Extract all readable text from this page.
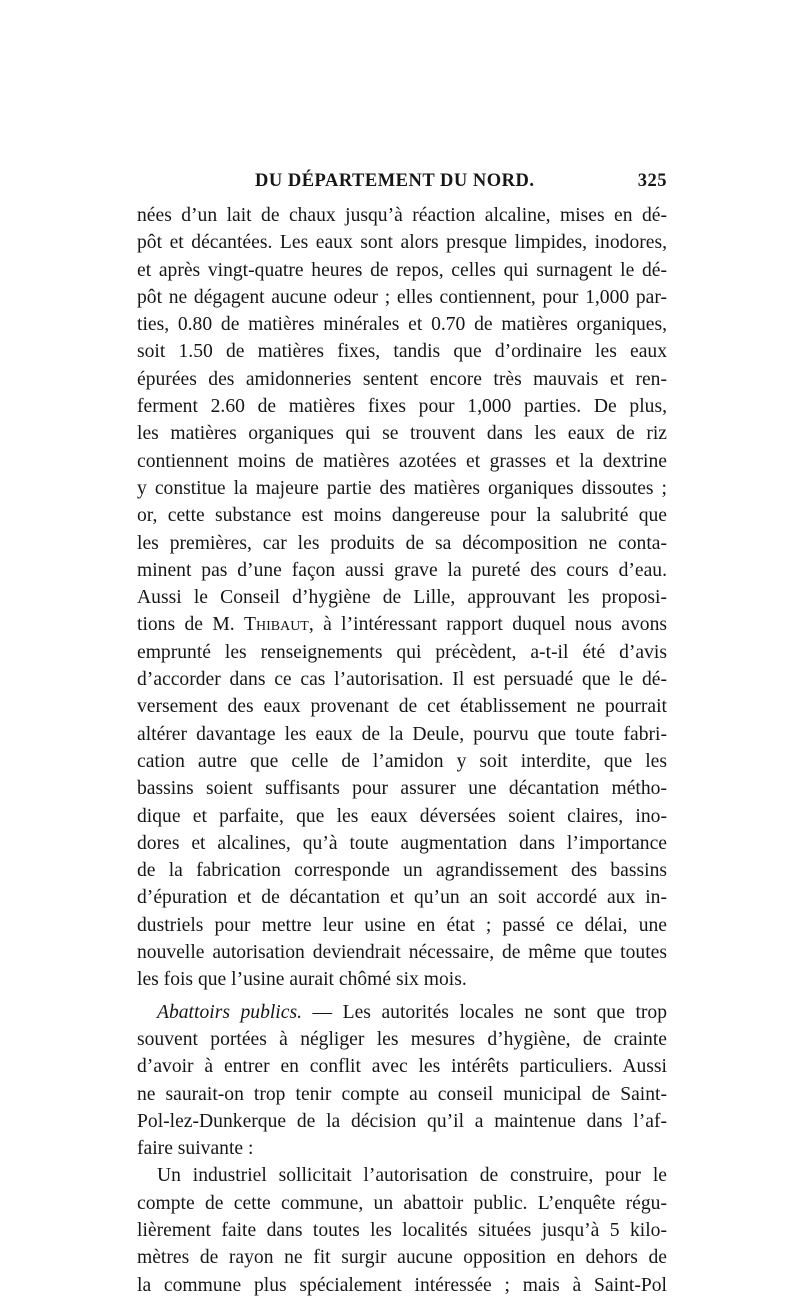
DU DÉPARTEMENT DU NORD.	325
nées d’un lait de chaux jusqu’à réaction alcaline, mises en dé-
pôt et décantées. Les eaux sont alors presque limpides, inodores,
et après vingt-quatre heures de repos, celles qui surnagent le dé-
pôt ne dégagent aucune odeur ; elles contiennent, pour 1,000 par-
ties, 0.80 de matières minérales et 0.70 de matières organiques,
soit 1.50 de matières fixes, tandis que d’ordinaire les eaux
épurées des amidonneries sentent encore très mauvais et ren-
ferment 2.60 de matières fixes pour 1,000 parties. De plus,
les matières organiques qui se trouvent dans les eaux de riz
contiennent moins de matières azotées et grasses et la dextrine
y constitue la majeure partie des matières organiques dissoutes ;
or, cette substance est moins dangereuse pour la salubrité que
les premières, car les produits de sa décomposition ne conta-
minent pas d’une façon aussi grave la pureté des cours d’eau.
Aussi le Conseil d’hygiène de Lille, approuvant les proposi-
tions de M. Thibaut, à l’intéressant rapport duquel nous avons
emprunté les renseignements qui précèdent, a-t-il été d’avis
d’accorder dans ce cas l’autorisation. Il est persuadé que le dé-
versement des eaux provenant de cet établissement ne pourrait
altérer davantage les eaux de la Deule, pourvu que toute fabri-
cation autre que celle de l’amidon y soit interdite, que les
bassins soient suffisants pour assurer une décantation métho-
dique et parfaite, que les eaux déversées soient claires, ino-
dores et alcalines, qu’à toute augmentation dans l’importance
de la fabrication corresponde un agrandissement des bassins
d’épuration et de décantation et qu’un an soit accordé aux in-
dustriels pour mettre leur usine en état ; passé ce délai, une
nouvelle autorisation deviendrait nécessaire, de même que toutes
les fois que l’usine aurait chômé six mois.
Abattoirs publics. — Les autorités locales ne sont que trop
souvent portées à négliger les mesures d’hygiène, de crainte
d’avoir à entrer en conflit avec les intérêts particuliers. Aussi
ne saurait-on trop tenir compte au conseil municipal de Saint-
Pol-lez-Dunkerque de la décision qu’il a maintenue dans l’af-
faire suivante :
Un industriel sollicitait l’autorisation de construire, pour le
compte de cette commune, un abattoir public. L’enquête régu-
lièrement faite dans toutes les localités situées jusqu’à 5 kilo-
mètres de rayon ne fit surgir aucune opposition en dehors de
la commune plus spécialement intéressée ; mais à Saint-Pol
